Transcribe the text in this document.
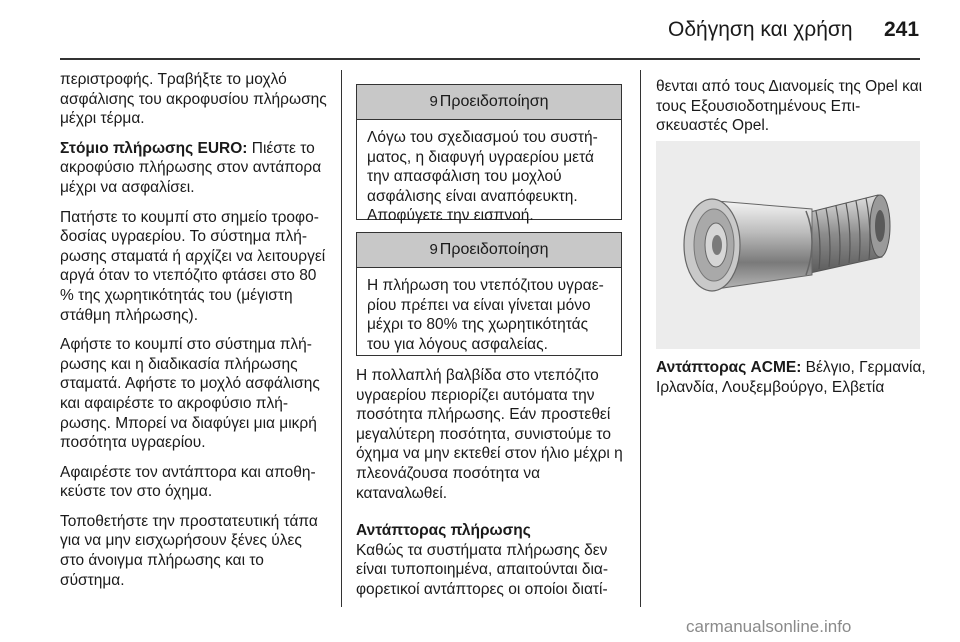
Οδήγηση και χρήση 241

περιστροφής. Τραβήξτε το μοχλό ασφάλισης του ακροφυσίου πλήρωσης μέχρι τέρμα.

Στόμιο πλήρωσης EURO: Πιέστε το ακροφύσιο πλήρωσης στον αντάπορα μέχρι να ασφαλίσει.

Πατήστε το κουμπί στο σημείο τροφοδοσίας υγραερίου. Το σύστημα πλήρωσης σταματά ή αρχίζει να λειτουργεί αργά όταν το ντεπόζιτο φτάσει στο 80 % της χωρητικότητάς του (μέγιστη στάθμη πλήρωσης).

Αφήστε το κουμπί στο σύστημα πλήρωσης και η διαδικασία πλήρωσης σταματά. Αφήστε το μοχλό ασφάλισης και αφαιρέστε το ακροφύσιο πλήρωσης. Μπορεί να διαφύγει μια μικρή ποσότητα υγραερίου.

Αφαιρέστε τον αντάπτορα και αποθηκεύστε τον στο όχημα.

Τοποθετήστε την προστατευτική τάπα για να μην εισχωρήσουν ξένες ύλες στο άνοιγμα πλήρωσης και το σύστημα.

9 Προειδοποίηση
Λόγω του σχεδιασμού του συστήματος, η διαφυγή υγραερίου μετά την απασφάλιση του μοχλού ασφάλισης είναι αναπόφευκτη. Αποφύγετε την εισπνοή.
9 Προειδοποίηση
Η πλήρωση του ντεπόζιτου υγραερίου πρέπει να είναι γίνεται μόνο μέχρι το 80% της χωρητικότητάς του για λόγους ασφαλείας.

Η πολλαπλή βαλβίδα στο ντεπόζιτο υγραερίου περιορίζει αυτόματα την ποσότητα πλήρωσης. Εάν προστεθεί μεγαλύτερη ποσότητα, συνιστούμε το όχημα να μην εκτεθεί στον ήλιο μέχρι η πλεονάζουσα ποσότητα να καταναλωθεί.

Αντάπτορας πλήρωσης

Καθώς τα συστήματα πλήρωσης δεν είναι τυποποιημένα, απαιτούνται διαφορετικοί αντάπτορες οι οποίοι διατί-

θενται από τους Διανομείς της Opel και τους Εξουσιοδοτημένους Επισκευαστές Opel.

Αντάπτορας ACME: Βέλγιο, Γερμανία, Ιρλανδία, Λουξεμβούργο, Ελβετία
carmanualsonline.info
